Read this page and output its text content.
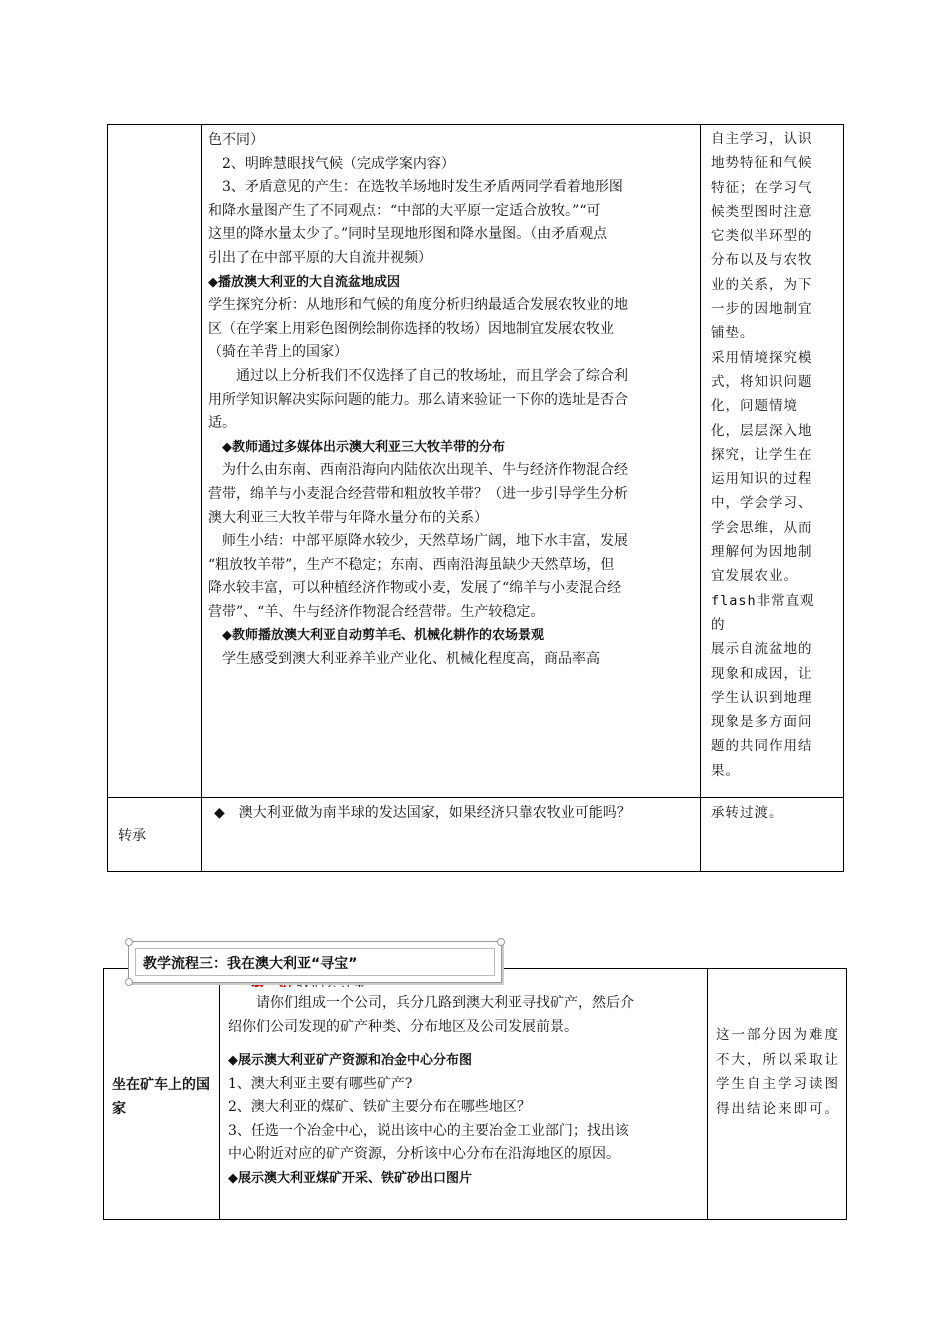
色不同）

2、明眸慧眼找气候（完成学案内容）

3、矛盾意见的产生：在选牧羊场地时发生矛盾两同学看着地形图

和降水量图产生了不同观点：“中部的大平原一定适合放牧。”“可

这里的降水量太少了。”同时呈现地形图和降水量图。（由矛盾观点

引出了在中部平原的大自流井视频）

◆播放澳大利亚的大自流盆地成因

学生探究分析：从地形和气候的角度分析归纳最适合发展农牧业的地

区（在学案上用彩色图例绘制你选择的牧场）因地制宜发展农牧业

（骑在羊背上的国家）

通过以上分析我们不仅选择了自己的牧场址，而且学会了综合利

用所学知识解决实际问题的能力。那么请来验证一下你的选址是否合

适。

◆教师通过多媒体出示澳大利亚三大牧羊带的分布

为什么由东南、西南沿海向内陆依次出现羊、牛与经济作物混合经

营带，绵羊与小麦混合经营带和粗放牧羊带？（进一步引导学生分析

澳大利亚三大牧羊带与年降水量分布的关系）

师生小结：中部平原降水较少，天然草场广阔，地下水丰富，发展

“粗放牧羊带”，生产不稳定；东南、西南沿海虽缺少天然草场，但

降水较丰富，可以种植经济作物或小麦，发展了“绵羊与小麦混合经

营带”、“羊、牛与经济作物混合经营带。生产较稳定。

◆教师播放澳大利亚自动剪羊毛、机械化耕作的农场景观

学生感受到澳大利亚养羊业产业化、机械化程度高，商品率高

自主学习，认识

地势特征和气候

特征；在学习气

候类型图时注意

它类似半环型的

分布以及与农牧

业的关系，为下

一步的因地制宜

铺垫。

采用情境探究模

式，将知识问题

化，问题情境

化，层层深入地

探究，让学生在

运用知识的过程

中，学会学习、

学会思维，从而

理解何为因地制

宜发展农业。

flash非常直观的

展示自流盆地的

现象和成因，让

学生认识到地理

现象是多方面问

题的共同作用结

果。

转承
◆　澳大利亚做为南半球的发达国家，如果经济只靠农牧业可能吗？	承转过渡。
坐在矿车上的国家

请你们组成一个公司，兵分几路到澳大利亚寻找矿产，然后介

绍你们公司发现的矿产种类、分布地区及公司发展前景。

◆展示澳大利亚矿产资源和冶金中心分布图

1、澳大利亚主要有哪些矿产?

2、澳大利亚的煤矿、铁矿主要分布在哪些地区？

3、任选一个冶金中心，说出该中心的主要冶金工业部门；找出该

中心附近对应的矿产资源，分析该中心分布在沿海地区的原因。

◆展示澳大利亚煤矿开采、铁矿砂出口图片

这一部分因为难度不大，所以采取让学生自主学习读图得出结论来即可。
教学流程三：我在澳大利亚“寻宝”
